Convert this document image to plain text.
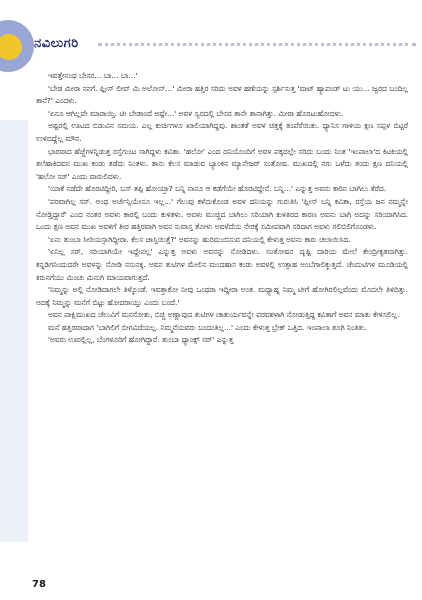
ನವಿಲುಗರಿ

ಇವತ್ತೇನಂಥ ಬೇಸರ... ಬಾ... ಬಾ...'

'ಬೇಡ ಮೀರಾ ನನಗೆ. ಫ್ಲೀಸ್ ಲೀವ್ ಮಿ ಅಲೋನ್...' ಮೀರಾ ಹತ್ತಿರ ಸರಿದು ಅವಳ ಹಣೆಯನ್ನು ಸ್ಪರ್ಶಿಸುತ್ತ 'ವಾಟ್ ಹ್ಯಾಪಂಡ್ ಟು ಯು... ಜ್ವರದ ಬಂದಿಲ್ಲ ತಾನೆ?' ಎಂದಳು.

'ಏನೂ ಆಗಿಲ್ಲವೇ ಮಾರಾಯ್ತಿ. ಟೀ ಬೇಡಾಂದೆ ಅಷ್ಟೇ...' ಅವಳ ಸ್ವರದಲ್ಲಿ ಬೇಸರ ತಾನೇ ತಾನಾಗಿತ್ತು. ಮೀರಾ ಹೊರಟುಹೋದಳು.

ಅಷ್ಟರಲ್ಲಿ ಊಟದ ಬಿಡುವಿನ ಸಮಯ. ಎಲ್ಲ ಕುರ್ಚಿಗಳೂ ಖಾಲಿಯಾಗಿದ್ದವು. ಶಾಂತತೆ ಅವಳ ಚಿತ್ತಕ್ಕೆ ತಂಪೆರೆಯಿತು. ಧ್ಯಾನಿಸ ಗಾಳಿಯ ಕ್ಷಣ ಸಪ್ಪಳ ಬಿಟ್ಟರೆ ಉಳಿದದ್ದೆಲ್ಲ ಮೌನ.

ಭಾರವಾದ ಹೆಜ್ಜೆಗಳನ್ನಿಡುತ್ತ ರಸ್ತೆಗುಂಟ ಸಾಗಿದ್ದಳು ಕವಿತಾ. 'ಹಲೋ' ಎಂದ ದನಿಯೊಂದಿಗೆ ಅವಳ ಪಕ್ಕದಲ್ಲೇ ಸರಿದು ಬಂದು ನಿಂತ 'ಇಂಪಾಲಾ'ದ ಕಿಟಕಿಯಲ್ಲಿ ತಲೆಹಾಕಿದವನ ಮುಖ ಕಂಡು ತಡೆದು ನಿಂತಳು. ತಾನು ಕೆಲಸ ಮಾಡುವ ಬ್ಯಾಂಕಿನ ಮ್ಯಾನೇಜರ್ ಸಂತೋಷ. ಮುಖದಲ್ಲಿ ನಗು ಒಳೆದು ತಂದು ಕ್ಷಣ ದನಿಯಲ್ಲಿ 'ಹಲೋ ಸರ್' ಎಂದು ವಾರುಲಿದಳು.

'ಯಾಕೆ ನಡೆದೇ ಹೊರಟಿದ್ದೀರಿ, ಬಸ್ ತಪ್ಪಿ ಹೋಯ್ತಾ? ಬನ್ನಿ ನಾನೂ ಆ ಕಡೆಗೆಯೇ ಹೊರಟಿದ್ದೇನೆ. ಬನ್ನಿ...' ಎನ್ನುತ್ತ ಅವನು ಕಾರಿನ ಬಾಗಿಲು ತೆರೆದ.

'ಪರವಾಗಿಲ್ಲ ಸರ್. ಅಂಥ ಅರ್ಜೆನ್ಸಿಯೇನೂ ಇಲ್ಲ...' ಗೆಲುವು ಕಳೆದುಕೊಂಡ ಅವಳ ದನಿಯನ್ನು ಗುರುತಿಸಿ 'ಪ್ಲೀಸ್ ಬನ್ನಿ ಕವಿತಾ, ರಸ್ತೆಯ ಜನ ನಮ್ಮನ್ನೇ ನೋಡ್ತಿದ್ದಾರೆ' ಎಂದ ನಂತರ ಅವಳು ಕಾರಲ್ಲಿ ಬಂದು ಕುಳಿತಳು. ಅವಳು ಮುಚ್ಚಿದ ಬಾಗಿಲು ಸರಿಯಾಗಿ ಕುಳಿತಿರದ ಕಾರಣ ಅವನು ಬಾಗಿ ಅದನ್ನು ಸರಿಯಾಗಿಸಿದ. ಒಂದು ಕ್ಷಣ ಅವನ ಮುಖ ಅವಳಿಗೆ ತೀರ ಹತ್ತಿರವಾಗಿ ಅವನ ಸುವಾಸ್ತ ತೋಳು ಅವಳೆದೆಯ ನೇರಕ್ಕೆ ಸಮೀಪವಾಗಿ ಸರಿದಾಗ ಅವಳು ಗಲಿಬಿಲಿಗೊಂಡಳು.

'ಏನು ತುಂಬಾ ಸೀರಿಯಸ್ಸಾಗಿದ್ದೀರಾ. ಕೆಲಸ ಜಾಸ್ತಿಯಿತ್ತೆ?' ಅವನನ್ನು ಹುರಿದುಂಬಿಸುವ ದನಿಯಲ್ಲಿ ಕೇಳುತ್ತ ಅವನು ಕಾರು ಚಲಾಯಿಸಿದ.

'ಏನಿಲ್ಲ ಸರ್, ಸರಿಯಾಗಿಯೇ ಇದ್ದೇನಲ್ಲ' ಎನ್ನುತ್ತ ಅವಳು ಅವನನ್ನು ನೋಡಿದಳು. ಸಂತೋಷನ ದೃಷ್ಟಿ ದಾರಿಯ ಮೇಲೆ ಕೇಂದ್ರೀಕೃತವಾಗಿತ್ತು. ಕನ್ನಡಿಗನಿಂದುದರೇ ಅವಳನ್ನು ನೋಡಿ ನಸುನಕ್ಕ. ಅವನ ತುಟಿಗಳ ಮೇಲಿನ ಮಂದಹಾಸ ಕಂಡು ಅವಳಲ್ಲಿ ಉತ್ಸಾಹ ಅಂಬೆಗಾಲಿಕ್ಕುತ್ತದೆ. ಚೆಂದುಟಿಗಳ ಮೂಡಿಯಲ್ಲಿ ಕಿರುನಗೆಯು ಮಿಂಚು ಮಿನುಗಿ ಮಾಯವಾಗುತ್ತದೆ.

'ನಿಮ್ಮನ್ನು ಅಲ್ಲಿ ನೋಡಿದಾಗಲೇ ತಿಳ್ಕೊಂಡೆ. ಇವತ್ತಾಕೋ ನೀವು ಒಂಥರಾ ಇದ್ದೀರಾ ಅಂತ. ಮಧ್ಯಾಹ್ನ ನಿಮ್ಮ ಟೀಗೆ ಹೋಗಿರಲಿಲ್ಲವೆಂದು ಮೊದಲೇ ತಿಳಿದಿತ್ತು. ಅದಕ್ಕೆ ನಿಮ್ಮನ್ನು ಮನೆಗೆ ಬಿಟ್ಟು ಹೋದರಾಯ್ತು ಎಂದು ಬಂದೆ.'

ಅವನ ಪಾಕ್ಷಿಮುಖದ ಚೆಲುವಿಗೆ ಮನಸೋತು, ಬಿಚ್ಚಿ ಅಣ್ಣಾವುದ ತುಟಿಗಳ ಚಾತುರ್ಯವನ್ನೇ ಪರವಶಳಾಗಿ ನೋಡುತ್ತಿದ್ದ ಕವಿತಾಗೆ ಅವನ ಮಾತು ಕೇಳಿಸಲಿಲ್ಲ.

ಮನೆ ಹತ್ತಿರವಾದಾಗ 'ಬಾಗಿಲಿಗೆ ಬೀಗವಿದೆಯಲ್ಲ. ನಿಮ್ಮನೆಯವರು ಬಂದಂತಿಲ್ಲ...' ಎಂದು ಕೇಳುತ್ತ ಬ್ರೇಕ್ ಒತ್ತಿದ. ಇಂಪಾಲಾ ತೂಗಿ ನಿಂತಿತು.

'ಅವರು ಊರಲ್ಲಿಲ್ಲ, ಬೆಂಗಳೂರಿಗೆ ಹೋಗಿದ್ದಾರೆ. ತುಂಬಾ ಥ್ಯಾಂಕ್ಸ್ ಸರ್' ಎನ್ನುತ್ತ

78
